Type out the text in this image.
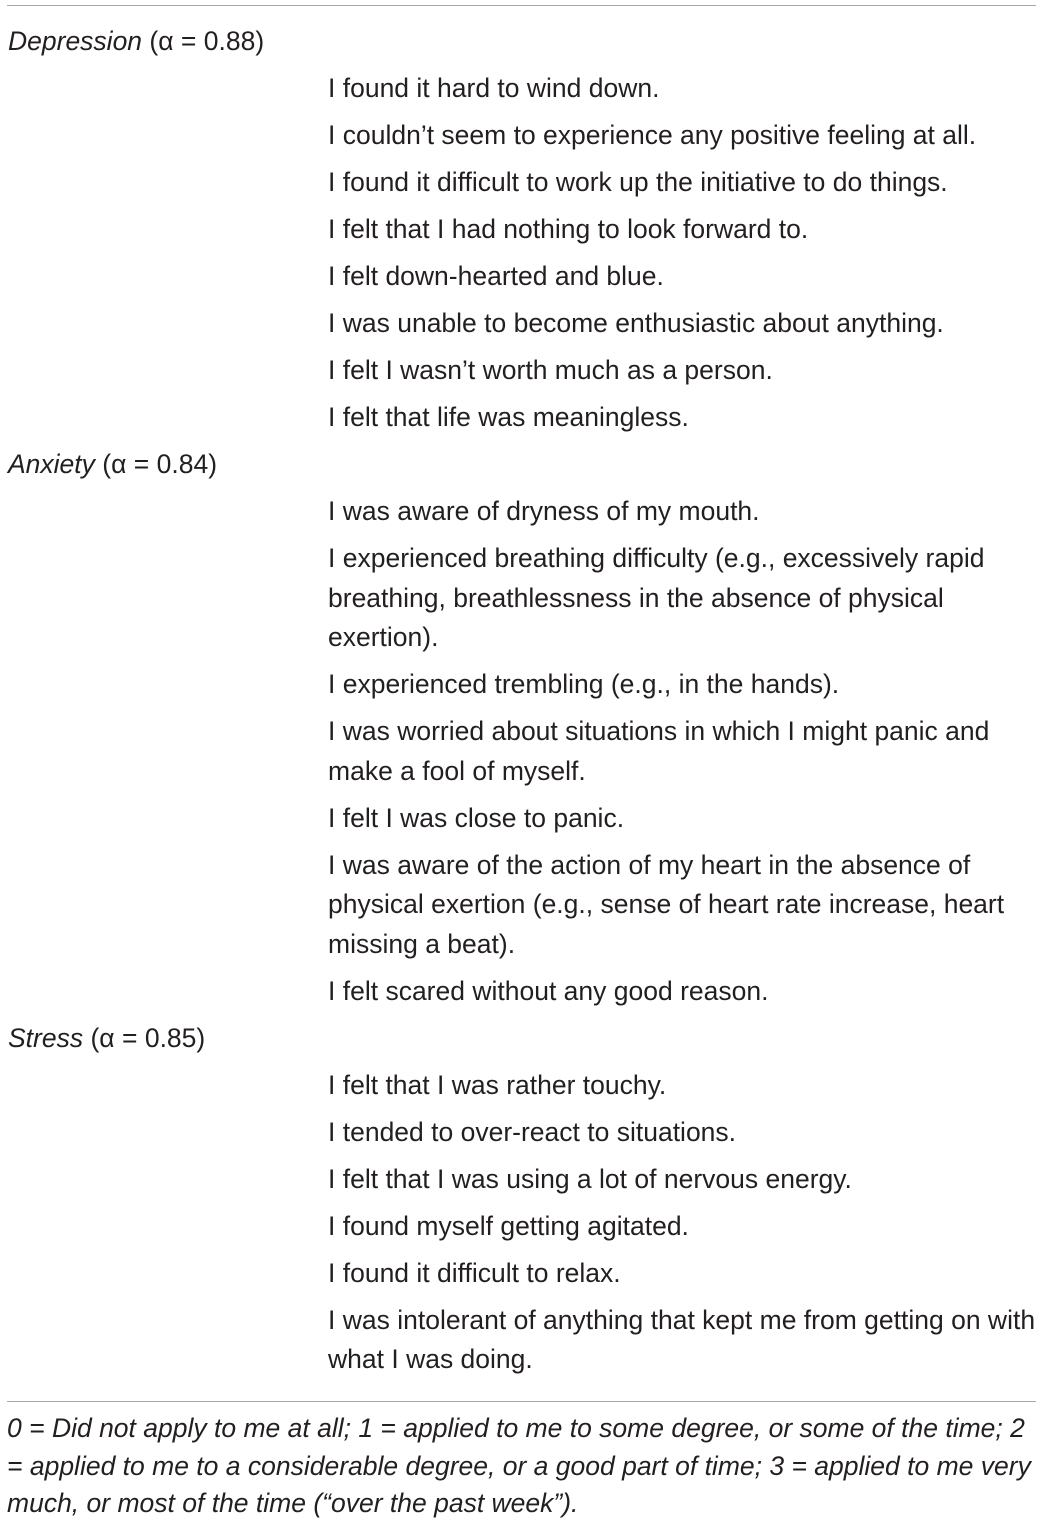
Depression (α = 0.88)
I found it hard to wind down.
I couldn’t seem to experience any positive feeling at all.
I found it difficult to work up the initiative to do things.
I felt that I had nothing to look forward to.
I felt down-hearted and blue.
I was unable to become enthusiastic about anything.
I felt I wasn’t worth much as a person.
I felt that life was meaningless.
Anxiety (α = 0.84)
I was aware of dryness of my mouth.
I experienced breathing difficulty (e.g., excessively rapid breathing, breathlessness in the absence of physical exertion).
I experienced trembling (e.g., in the hands).
I was worried about situations in which I might panic and make a fool of myself.
I felt I was close to panic.
I was aware of the action of my heart in the absence of physical exertion (e.g., sense of heart rate increase, heart missing a beat).
I felt scared without any good reason.
Stress (α = 0.85)
I felt that I was rather touchy.
I tended to over-react to situations.
I felt that I was using a lot of nervous energy.
I found myself getting agitated.
I found it difficult to relax.
I was intolerant of anything that kept me from getting on with what I was doing.
0 = Did not apply to me at all; 1 = applied to me to some degree, or some of the time; 2 = applied to me to a considerable degree, or a good part of time; 3 = applied to me very much, or most of the time (“over the past week”).
